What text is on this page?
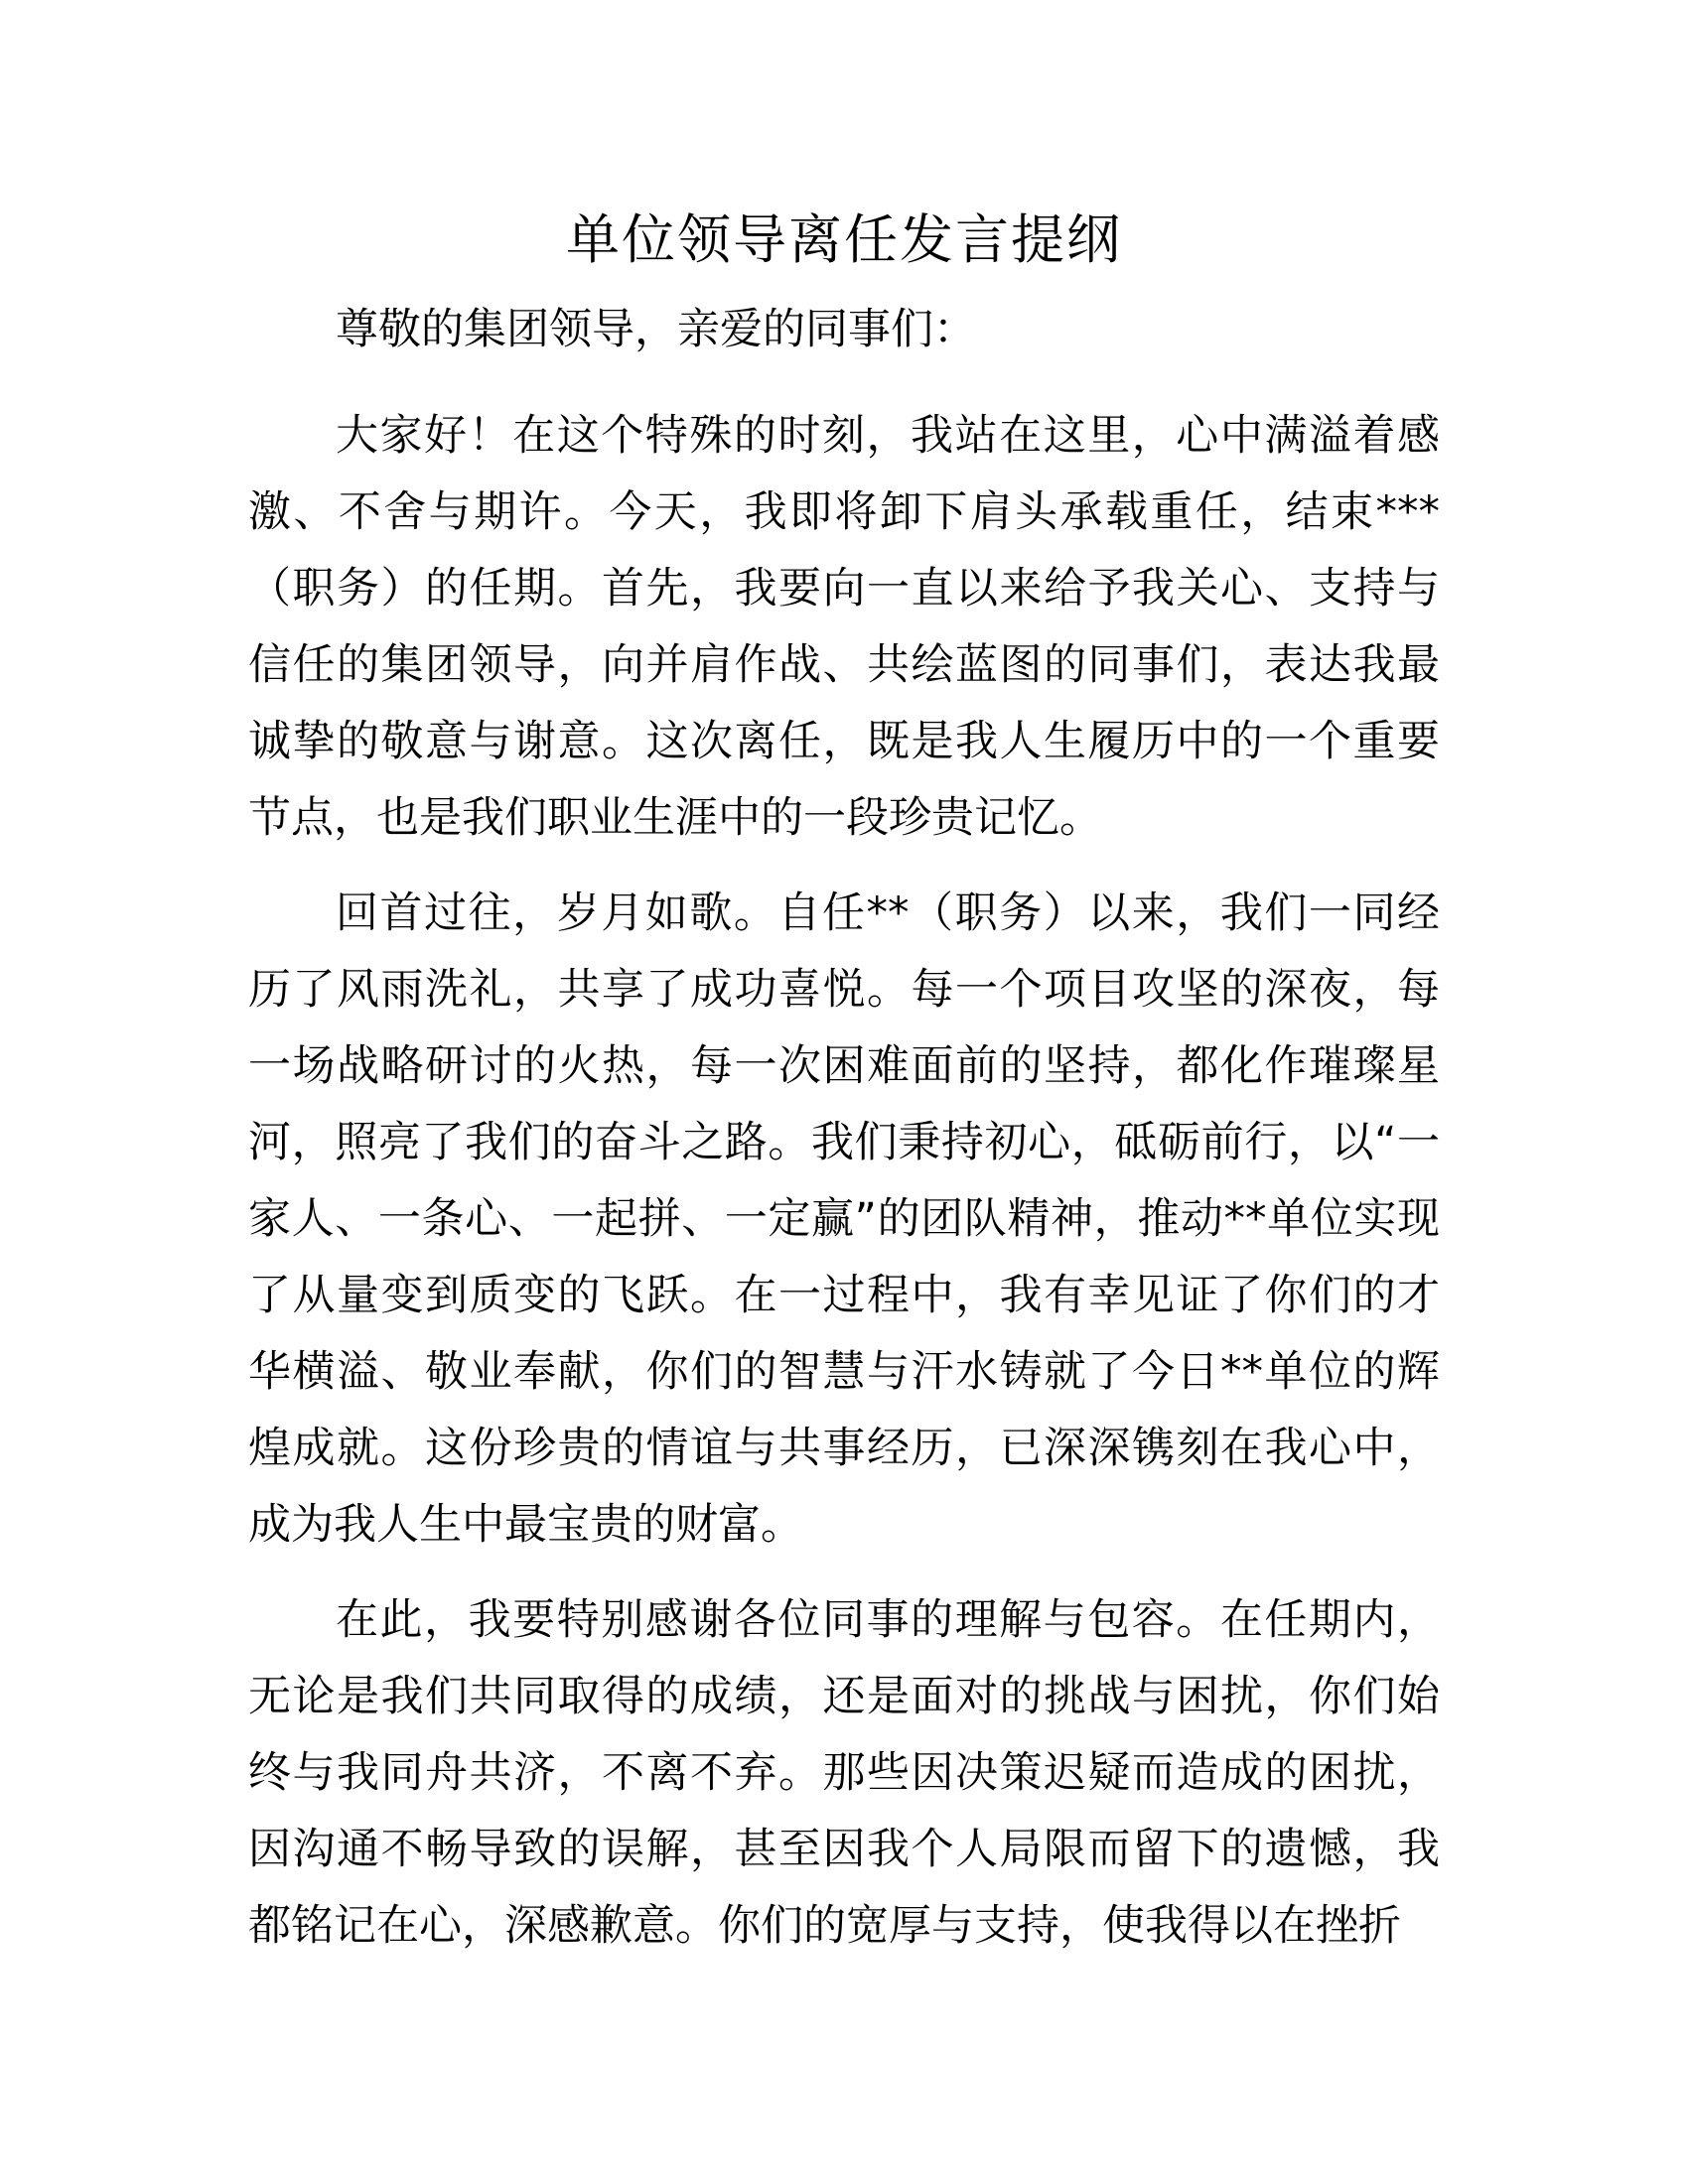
单位领导离任发言提纲

尊敬的集团领导，亲爱的同事们：

大家好！在这个特殊的时刻，我站在这里，心中满溢着感激、不舍与期许。今天，我即将卸下肩头承载重任，结束***（职务）的任期。首先，我要向一直以来给予我关心、支持与信任的集团领导，向并肩作战、共绘蓝图的同事们，表达我最诚挚的敬意与谢意。这次离任，既是我人生履历中的一个重要节点，也是我们职业生涯中的一段珍贵记忆。

回首过往，岁月如歌。自任**（职务）以来，我们一同经历了风雨洗礼，共享了成功喜悦。每一个项目攻坚的深夜，每一场战略研讨的火热，每一次困难面前的坚持，都化作璀璨星河，照亮了我们的奋斗之路。我们秉持初心，砥砺前行，以“一家人、一条心、一起拼、一定赢”的团队精神，推动**单位实现了从量变到质变的飞跃。在一过程中，我有幸见证了你们的才华横溢、敬业奉献，你们的智慧与汗水铸就了今日**单位的辉煌成就。这份珍贵的情谊与共事经历，已深深镌刻在我心中，成为我人生中最宝贵的财富。

在此，我要特别感谢各位同事的理解与包容。在任期内，无论是我们共同取得的成绩，还是面对的挑战与困扰，你们始终与我同舟共济，不离不弃。那些因决策迟疑而造成的困扰，因沟通不畅导致的误解，甚至因我个人局限而留下的遗憾，我都铭记在心，深感歉意。你们的宽厚与支持，使我得以在挫折
